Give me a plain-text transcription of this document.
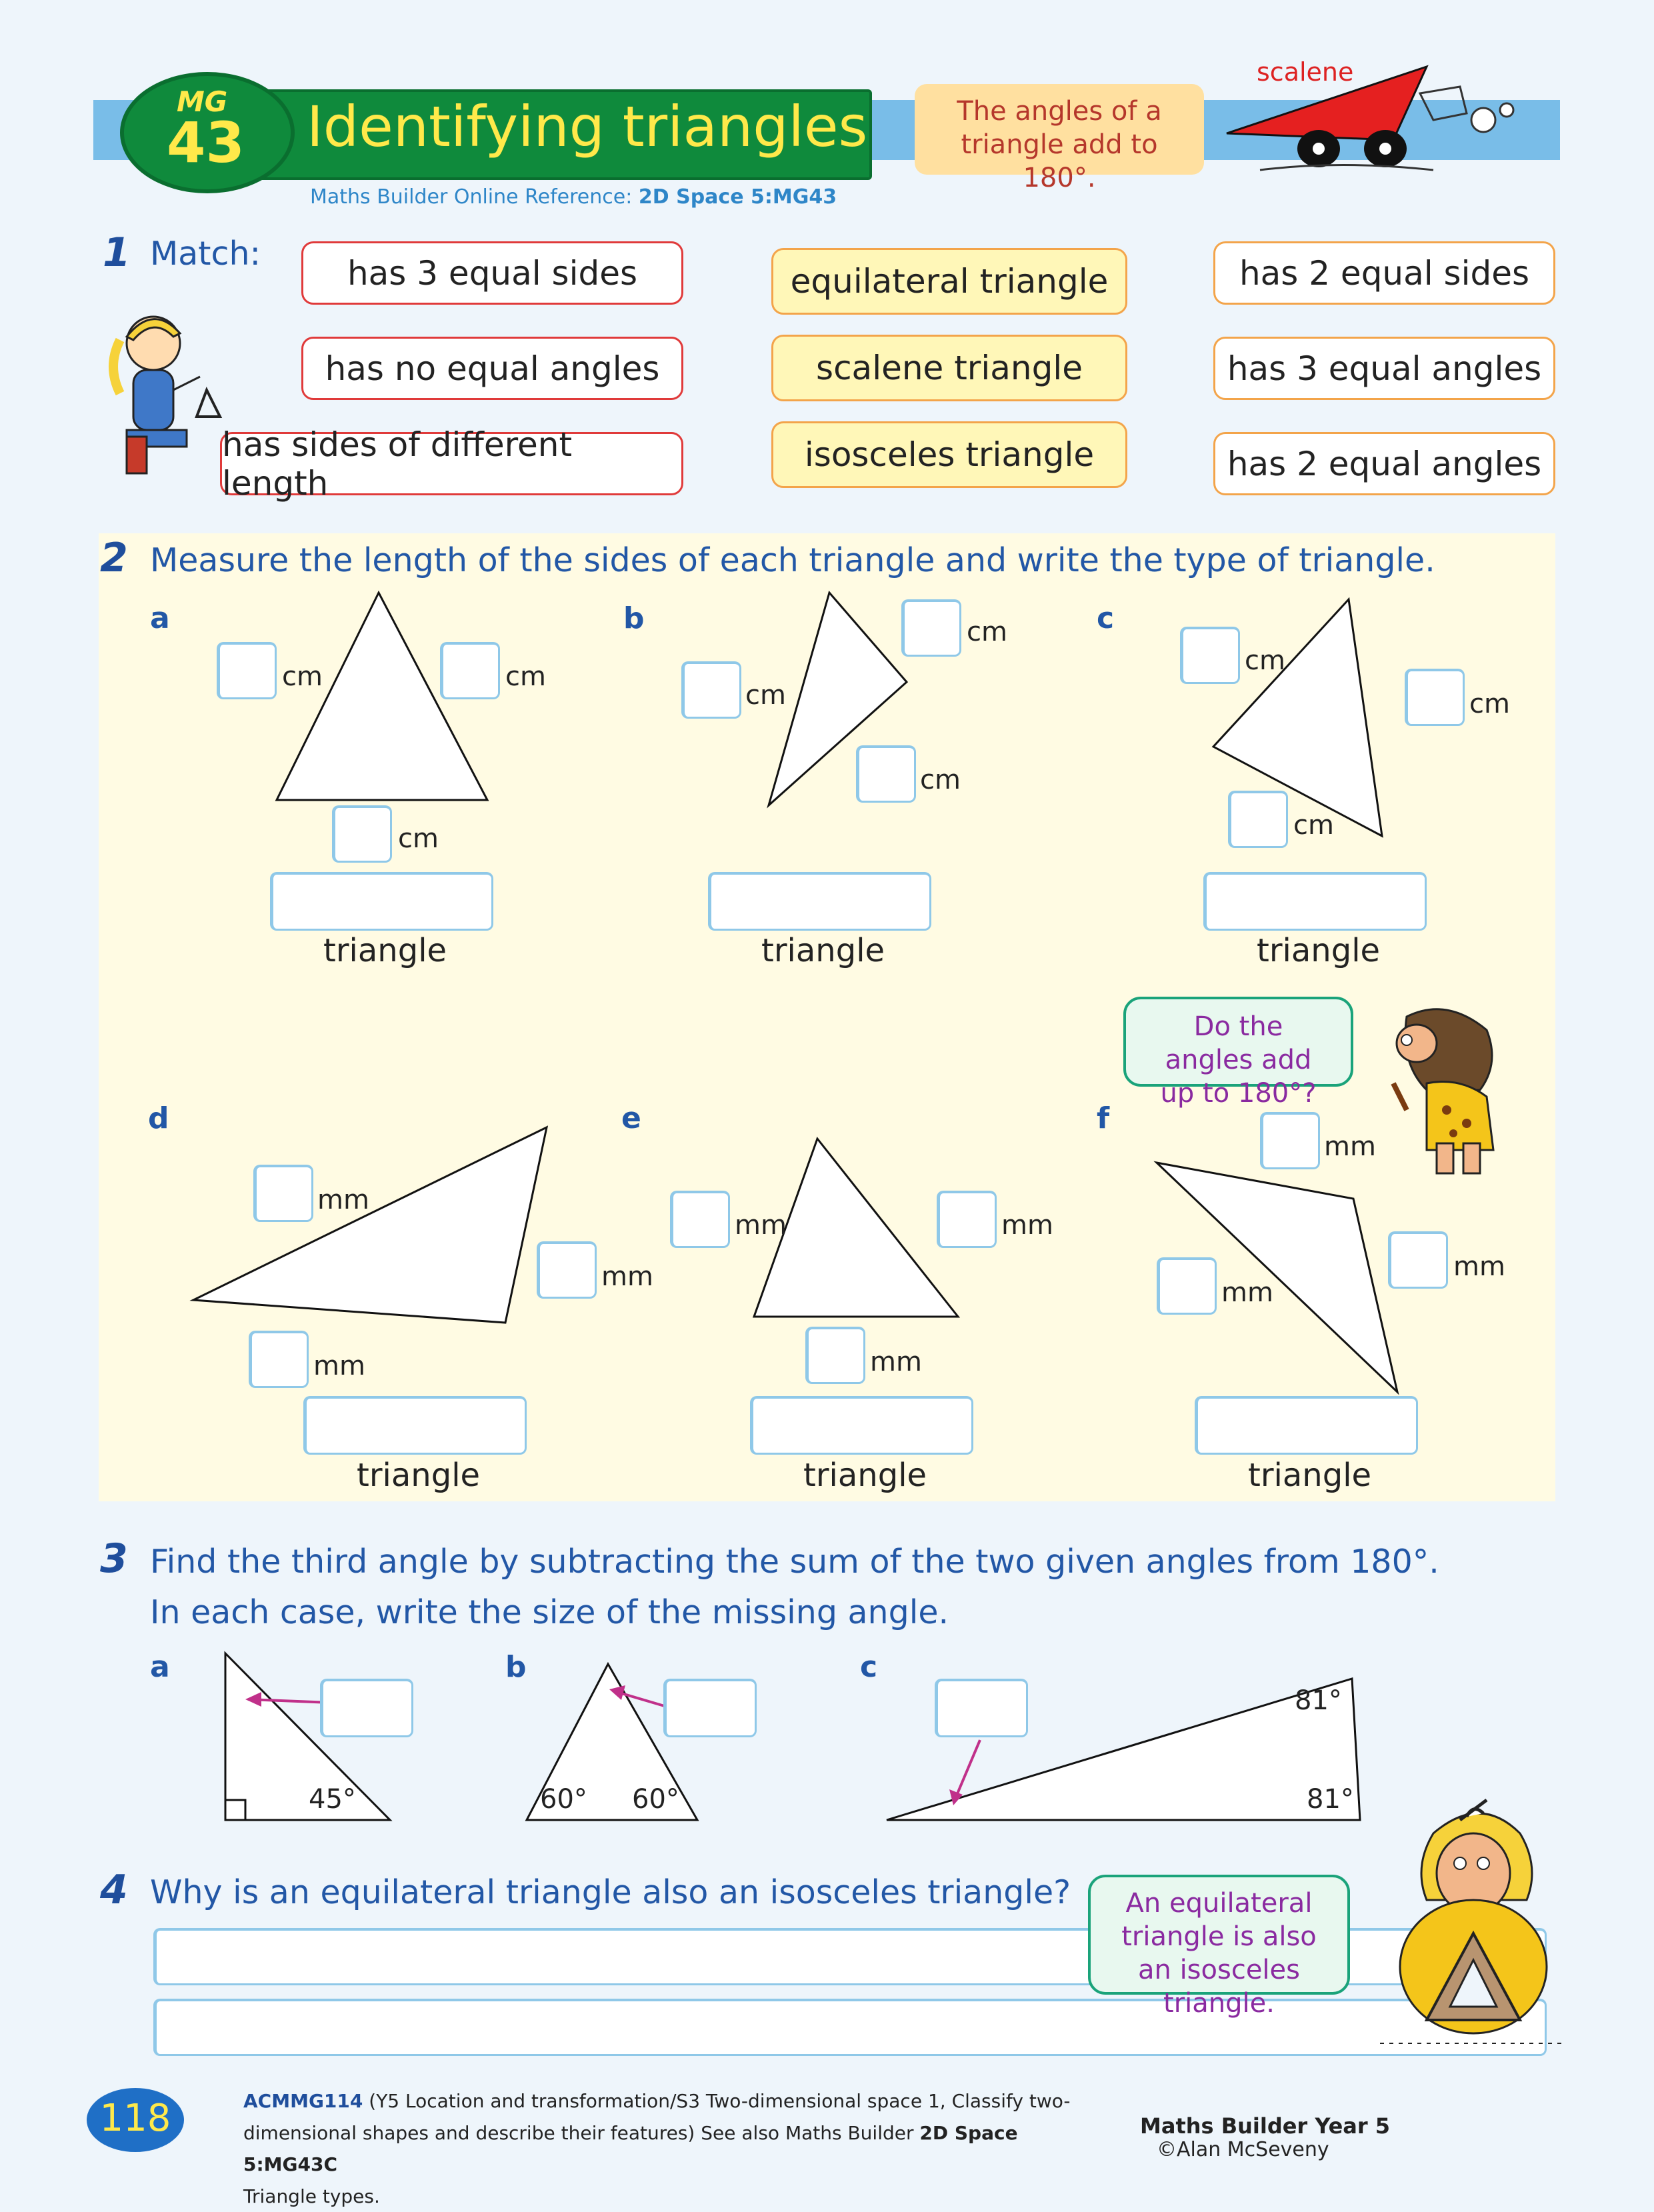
MG
43 Identifying triangles
Maths Builder Online Reference: 2D Space 5:MG43
The angles of a triangle add to 180°.
scalene
1 Match:	has 3 equal sides
has no equal angles
has sides of different length
equilateral triangle
scalene triangle
isosceles triangle
has 2 equal sides
has 3 equal angles
has 2 equal angles
2 Measure the length of the sides of each triangle and write the type of triangle.
a	b	c
d	e	f
cm	cm
cm
triangle
cm
cm
cm
triangle
cm
cm
cm
triangle
Do the angles add up to 180°?
mm
mm
mm
triangle
mm	mm
mm
triangle
mm
mm
mm
triangle
3 Find the third angle by subtracting the sum of the two given angles from 180°.
In each case, write the size of the missing angle.
a	b	c
45°	60° 60°
81°
81°
4 Why is an equilateral triangle also an isosceles triangle?	An equilateral triangle is also an isosceles triangle.
118	ACMMG114 (Y5 Location and transformation/S3 Two-dimensional space 1, Classify two-
dimensional shapes and describe their features) See also Maths Builder 2D Space 5:MG43C
Triangle types.
Maths Builder Year 5
©Alan McSeveny
